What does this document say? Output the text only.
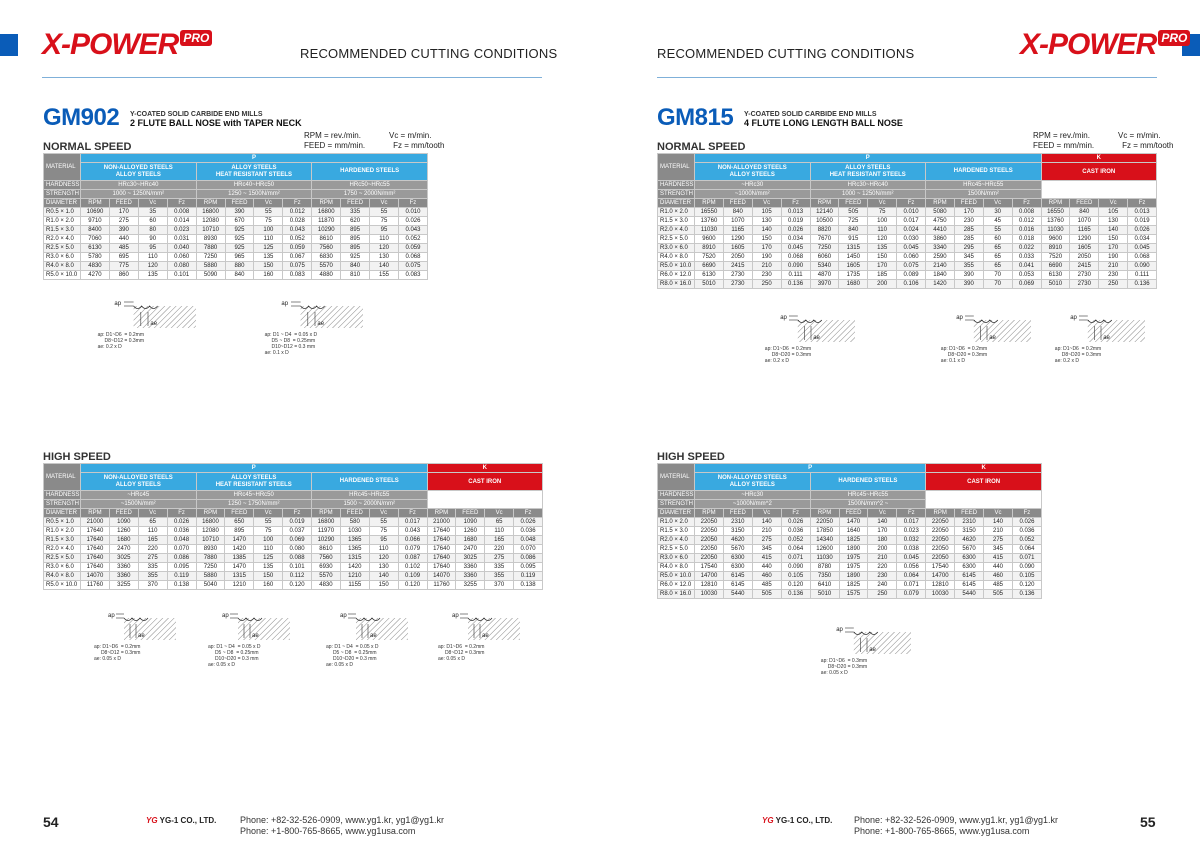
X-POWER PRO
RECOMMENDED CUTTING CONDITIONS
GM902 Y-COATED SOLID CARBIDE END MILLS
2 FLUTE BALL NOSE with TAPER NECK
RPM = rev./min.	Vc = m/min.
FEED = mm/min.	Fz = mm/tooth
NORMAL SPEED
MATERIAL	P											
	NON-ALLOYED STEELS
ALLOY STEELS				ALLOY STEELS
HEAT RESISTANT STEELS				HARDENED STEELS			
HARDNESS	HRc30~HRc40				HRc40~HRc50				HRc50~HRc55			
STRENGTH	1000 ~ 1250N/mm²				1250 ~ 1500N/mm²				1750 ~ 2000N/mm²			
DIAMETER	RPM	FEED	Vc	Fz	RPM	FEED	Vc	Fz	RPM	FEED	Vc	Fz
R0.5 × 1.0	10690	170	35	0.008	16800	390	55	0.012	16800	335	55	0.010
R1.0 × 2.0	9710	275	60	0.014	12080	670	75	0.028	11870	620	75	0.026
R1.5 × 3.0	8400	390	80	0.023	10710	925	100	0.043	10290	895	95	0.043
R2.0 × 4.0	7060	440	90	0.031	8930	925	110	0.052	8610	895	110	0.052
R2.5 × 5.0	6130	485	95	0.040	7880	925	125	0.059	7560	895	120	0.059
R3.0 × 6.0	5780	695	110	0.060	7250	965	135	0.067	6830	925	130	0.068
R4.0 × 8.0	4830	775	120	0.080	5880	880	150	0.075	5570	840	140	0.075
R5.0 × 10.0	4270	860	135	0.101	5090	840	160	0.083	4880	810	155	0.083
HIGH SPEED
MATERIAL	P												K			
	NON-ALLOYED STEELS
ALLOY STEELS				ALLOY STEELS
HEAT RESISTANT STEELS				HARDENED STEELS				CAST IRON			
HARDNESS	~HRc45				HRc45~HRc50				HRc45~HRc55							
STRENGTH	~1500N/mm²				1250 ~ 1750N/mm²				1500 ~ 2000N/mm²							
DIAMETER	RPM	FEED	Vc	Fz	RPM	FEED	Vc	Fz	RPM	FEED	Vc	Fz	RPM	FEED	Vc	Fz
R0.5 × 1.0	21000	1090	65	0.026	16800	650	55	0.019	16800	580	55	0.017	21000	1090	65	0.026
R1.0 × 2.0	17640	1260	110	0.036	12080	895	75	0.037	11970	1030	75	0.043	17640	1260	110	0.036
R1.5 × 3.0	17640	1680	165	0.048	10710	1470	100	0.069	10290	1365	95	0.066	17640	1680	165	0.048
R2.0 × 4.0	17640	2470	220	0.070	8930	1420	110	0.080	8610	1365	110	0.079	17640	2470	220	0.070
R2.5 × 5.0	17640	3025	275	0.086	7880	1385	125	0.088	7560	1315	120	0.087	17640	3025	275	0.086
R3.0 × 6.0	17640	3360	335	0.095	7250	1470	135	0.101	6930	1420	130	0.102	17640	3360	335	0.095
R4.0 × 8.0	14070	3360	355	0.119	5880	1315	150	0.112	5570	1210	140	0.109	14070	3360	355	0.119
R5.0 × 10.0	11760	3255	370	0.138	5040	1210	160	0.120	4830	1155	150	0.120	11760	3255	370	0.138
54	YG YG-1 CO., LTD.	Phone: +82-32-526-0909, www.yg1.kr, yg1@yg1.kr
Phone: +1-800-765-8665, www.yg1usa.com
X-POWER PRO
RECOMMENDED CUTTING CONDITIONS
GM815 Y-COATED SOLID CARBIDE END MILLS
4 FLUTE LONG LENGTH BALL NOSE
RPM = rev./min.	Vc = m/min.
FEED = mm/min.	Fz = mm/tooth
NORMAL SPEED
MATERIAL	P												K			
	NON-ALLOYED STEELS
ALLOY STEELS				ALLOY STEELS
HEAT RESISTANT STEELS				HARDENED STEELS				CAST IRON			
HARDNESS	~HRc30				HRc30~HRc40				HRc45~HRc55							
STRENGTH	~1000N/mm²				1000 ~ 1250N/mm²				1500N/mm²							
DIAMETER	RPM	FEED	Vc	Fz	RPM	FEED	Vc	Fz	RPM	FEED	Vc	Fz	RPM	FEED	Vc	Fz
R1.0 × 2.0	16550	840	105	0.013	12140	505	75	0.010	5080	170	30	0.008	16550	840	105	0.013
R1.5 × 3.0	13760	1070	130	0.019	10500	725	100	0.017	4750	230	45	0.012	13760	1070	130	0.019
R2.0 × 4.0	11030	1165	140	0.026	8820	840	110	0.024	4410	285	55	0.016	11030	1165	140	0.026
R2.5 × 5.0	9600	1290	150	0.034	7670	915	120	0.030	3860	285	60	0.018	9600	1290	150	0.034
R3.0 × 6.0	8910	1605	170	0.045	7250	1315	135	0.045	3340	295	65	0.022	8910	1605	170	0.045
R4.0 × 8.0	7520	2050	190	0.068	6060	1450	150	0.060	2590	345	65	0.033	7520	2050	190	0.068
R5.0 × 10.0	6690	2415	210	0.090	5340	1605	170	0.075	2140	355	65	0.041	6690	2415	210	0.090
R6.0 × 12.0	6130	2730	230	0.111	4870	1735	185	0.089	1840	390	70	0.053	6130	2730	230	0.111
R8.0 × 16.0	5010	2730	250	0.136	3970	1680	200	0.106	1420	390	70	0.069	5010	2730	250	0.136
HIGH SPEED
MATERIAL	P								K			
	NON-ALLOYED STEELS
ALLOY STEELS				HARDENED STEELS				CAST IRON			
HARDNESS	~HRc30				HRc45~HRc55							
STRENGTH	~1000N/mm^2				1500N/mm^2 ~							
DIAMETER	RPM	FEED	Vc	Fz	RPM	FEED	Vc	Fz	RPM	FEED	Vc	Fz
R1.0 × 2.0	22050	2310	140	0.026	22050	1470	140	0.017	22050	2310	140	0.026
R1.5 × 3.0	22050	3150	210	0.036	17850	1640	170	0.023	22050	3150	210	0.036
R2.0 × 4.0	22050	4620	275	0.052	14340	1825	180	0.032	22050	4620	275	0.052
R2.5 × 5.0	22050	5670	345	0.064	12600	1890	200	0.038	22050	5670	345	0.064
R3.0 × 6.0	22050	6300	415	0.071	11030	1975	210	0.045	22050	6300	415	0.071
R4.0 × 8.0	17540	6300	440	0.090	8780	1975	220	0.056	17540	6300	440	0.090
R5.0 × 10.0	14700	6145	460	0.105	7350	1890	230	0.064	14700	6145	460	0.105
R6.0 × 12.0	12810	6145	485	0.120	6410	1825	240	0.071	12810	6145	485	0.120
R8.0 × 16.0	10030	5440	505	0.136	5010	1575	250	0.079	10030	5440	505	0.136
YG YG-1 CO., LTD. Phone: +82-32-526-0909, www.yg1.kr, yg1@yg1.kr
Phone: +1-800-765-8665, www.yg1usa.com
55
ap
ae
ap: D1~D6  = 0.2mm
D8~D12 = 0.3mm
ae: 0.2 x D
ap
ae
ap: D1 ~ D4  = 0.05 x D
D5 ~ D8  = 0.25mm
D10~D12 = 0.3 mm
ae: 0.1 x D
ap
ae
ap: D1~D6  = 0.2mm
D8~D12 = 0.3mm
ae: 0.05 x D
ap
ae
ap: D1 ~ D4  = 0.05 x D
D5 ~ D8  = 0.25mm
D10~D20 = 0.3 mm
ae: 0.05 x D
ap
ae
ap: D1 ~ D4  = 0.05 x D
D5 ~ D8  = 0.25mm
D10~D20 = 0.3 mm
ae: 0.05 x D
ap
ae
ap: D1~D6  = 0.2mm
D8~D12 = 0.3mm
ae: 0.05 x D
ap
ae
ap: D1~D6  = 0.2mm
D8~D20 = 0.3mm
ae: 0.2 x D
ap
ae
ap: D1~D6  = 0.2mm
D8~D20 = 0.3mm
ae: 0.1 x D
ap
ae
ap: D1~D6  = 0.2mm
D8~D20 = 0.3mm
ae: 0.2 x D
ap
ae
ap: D1~D6  = 0.3mm
D8~D20 = 0.3mm
ae: 0.05 x D
